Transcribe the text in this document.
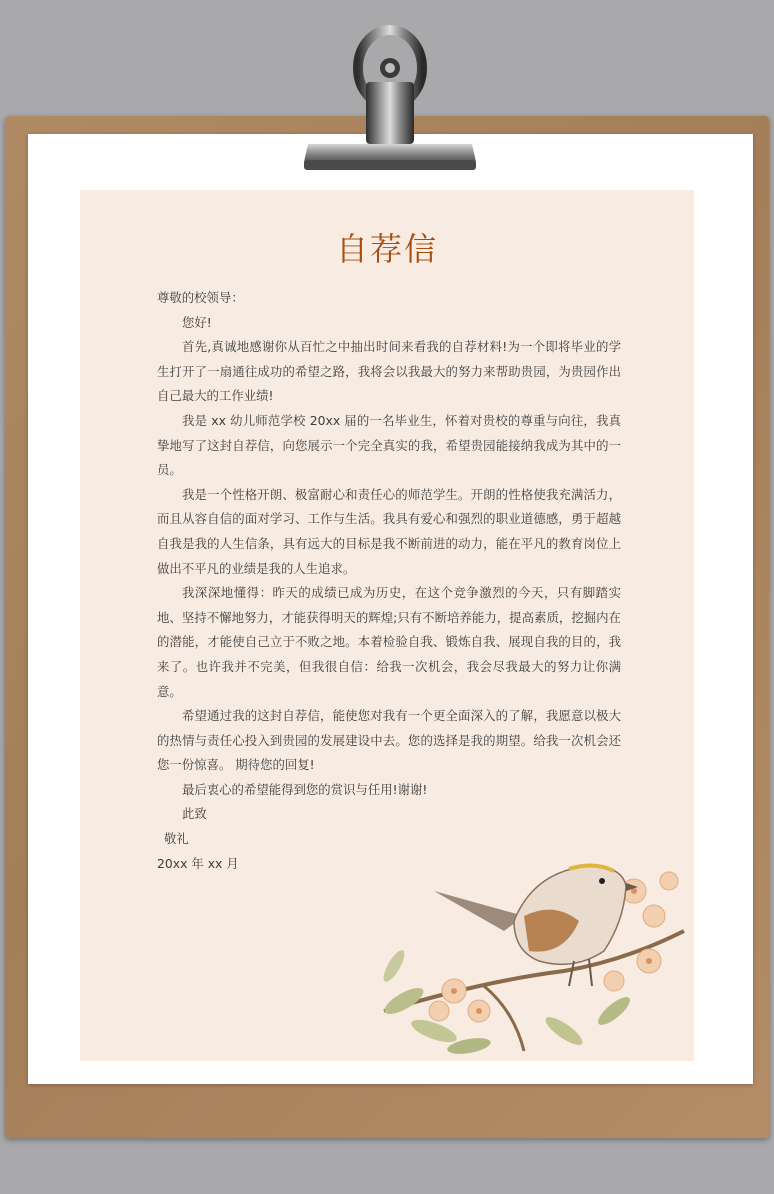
自荐信

尊敬的校领导：

您好!

首先,真诚地感谢你从百忙之中抽出时间来看我的自荐材料!为一个即将毕业的学生打开了一扇通往成功的希望之路，我将会以我最大的努力来帮助贵园，为贵园作出自己最大的工作业绩!

我是 xx 幼儿师范学校 20xx 届的一名毕业生，怀着对贵校的尊重与向往，我真挚地写了这封自荐信，向您展示一个完全真实的我，希望贵园能接纳我成为其中的一员。

我是一个性格开朗、极富耐心和责任心的师范学生。开朗的性格使我充满活力，而且从容自信的面对学习、工作与生活。我具有爱心和强烈的职业道德感，勇于超越自我是我的人生信条，具有远大的目标是我不断前进的动力，能在平凡的教育岗位上做出不平凡的业绩是我的人生追求。

我深深地懂得：昨天的成绩已成为历史，在这个竞争激烈的今天，只有脚踏实地、坚持不懈地努力，才能获得明天的辉煌;只有不断培养能力，提高素质，挖掘内在的潜能，才能使自己立于不败之地。本着检验自我、锻炼自我、展现自我的目的，我来了。也许我并不完美，但我很自信：给我一次机会，我会尽我最大的努力让你满意。

希望通过我的这封自荐信，能使您对我有一个更全面深入的了解，我愿意以极大的热情与责任心投入到贵园的发展建设中去。您的选择是我的期望。给我一次机会还您一份惊喜。 期待您的回复!

最后衷心的希望能得到您的赏识与任用!谢谢!

此致

敬礼

20xx 年 xx 月
